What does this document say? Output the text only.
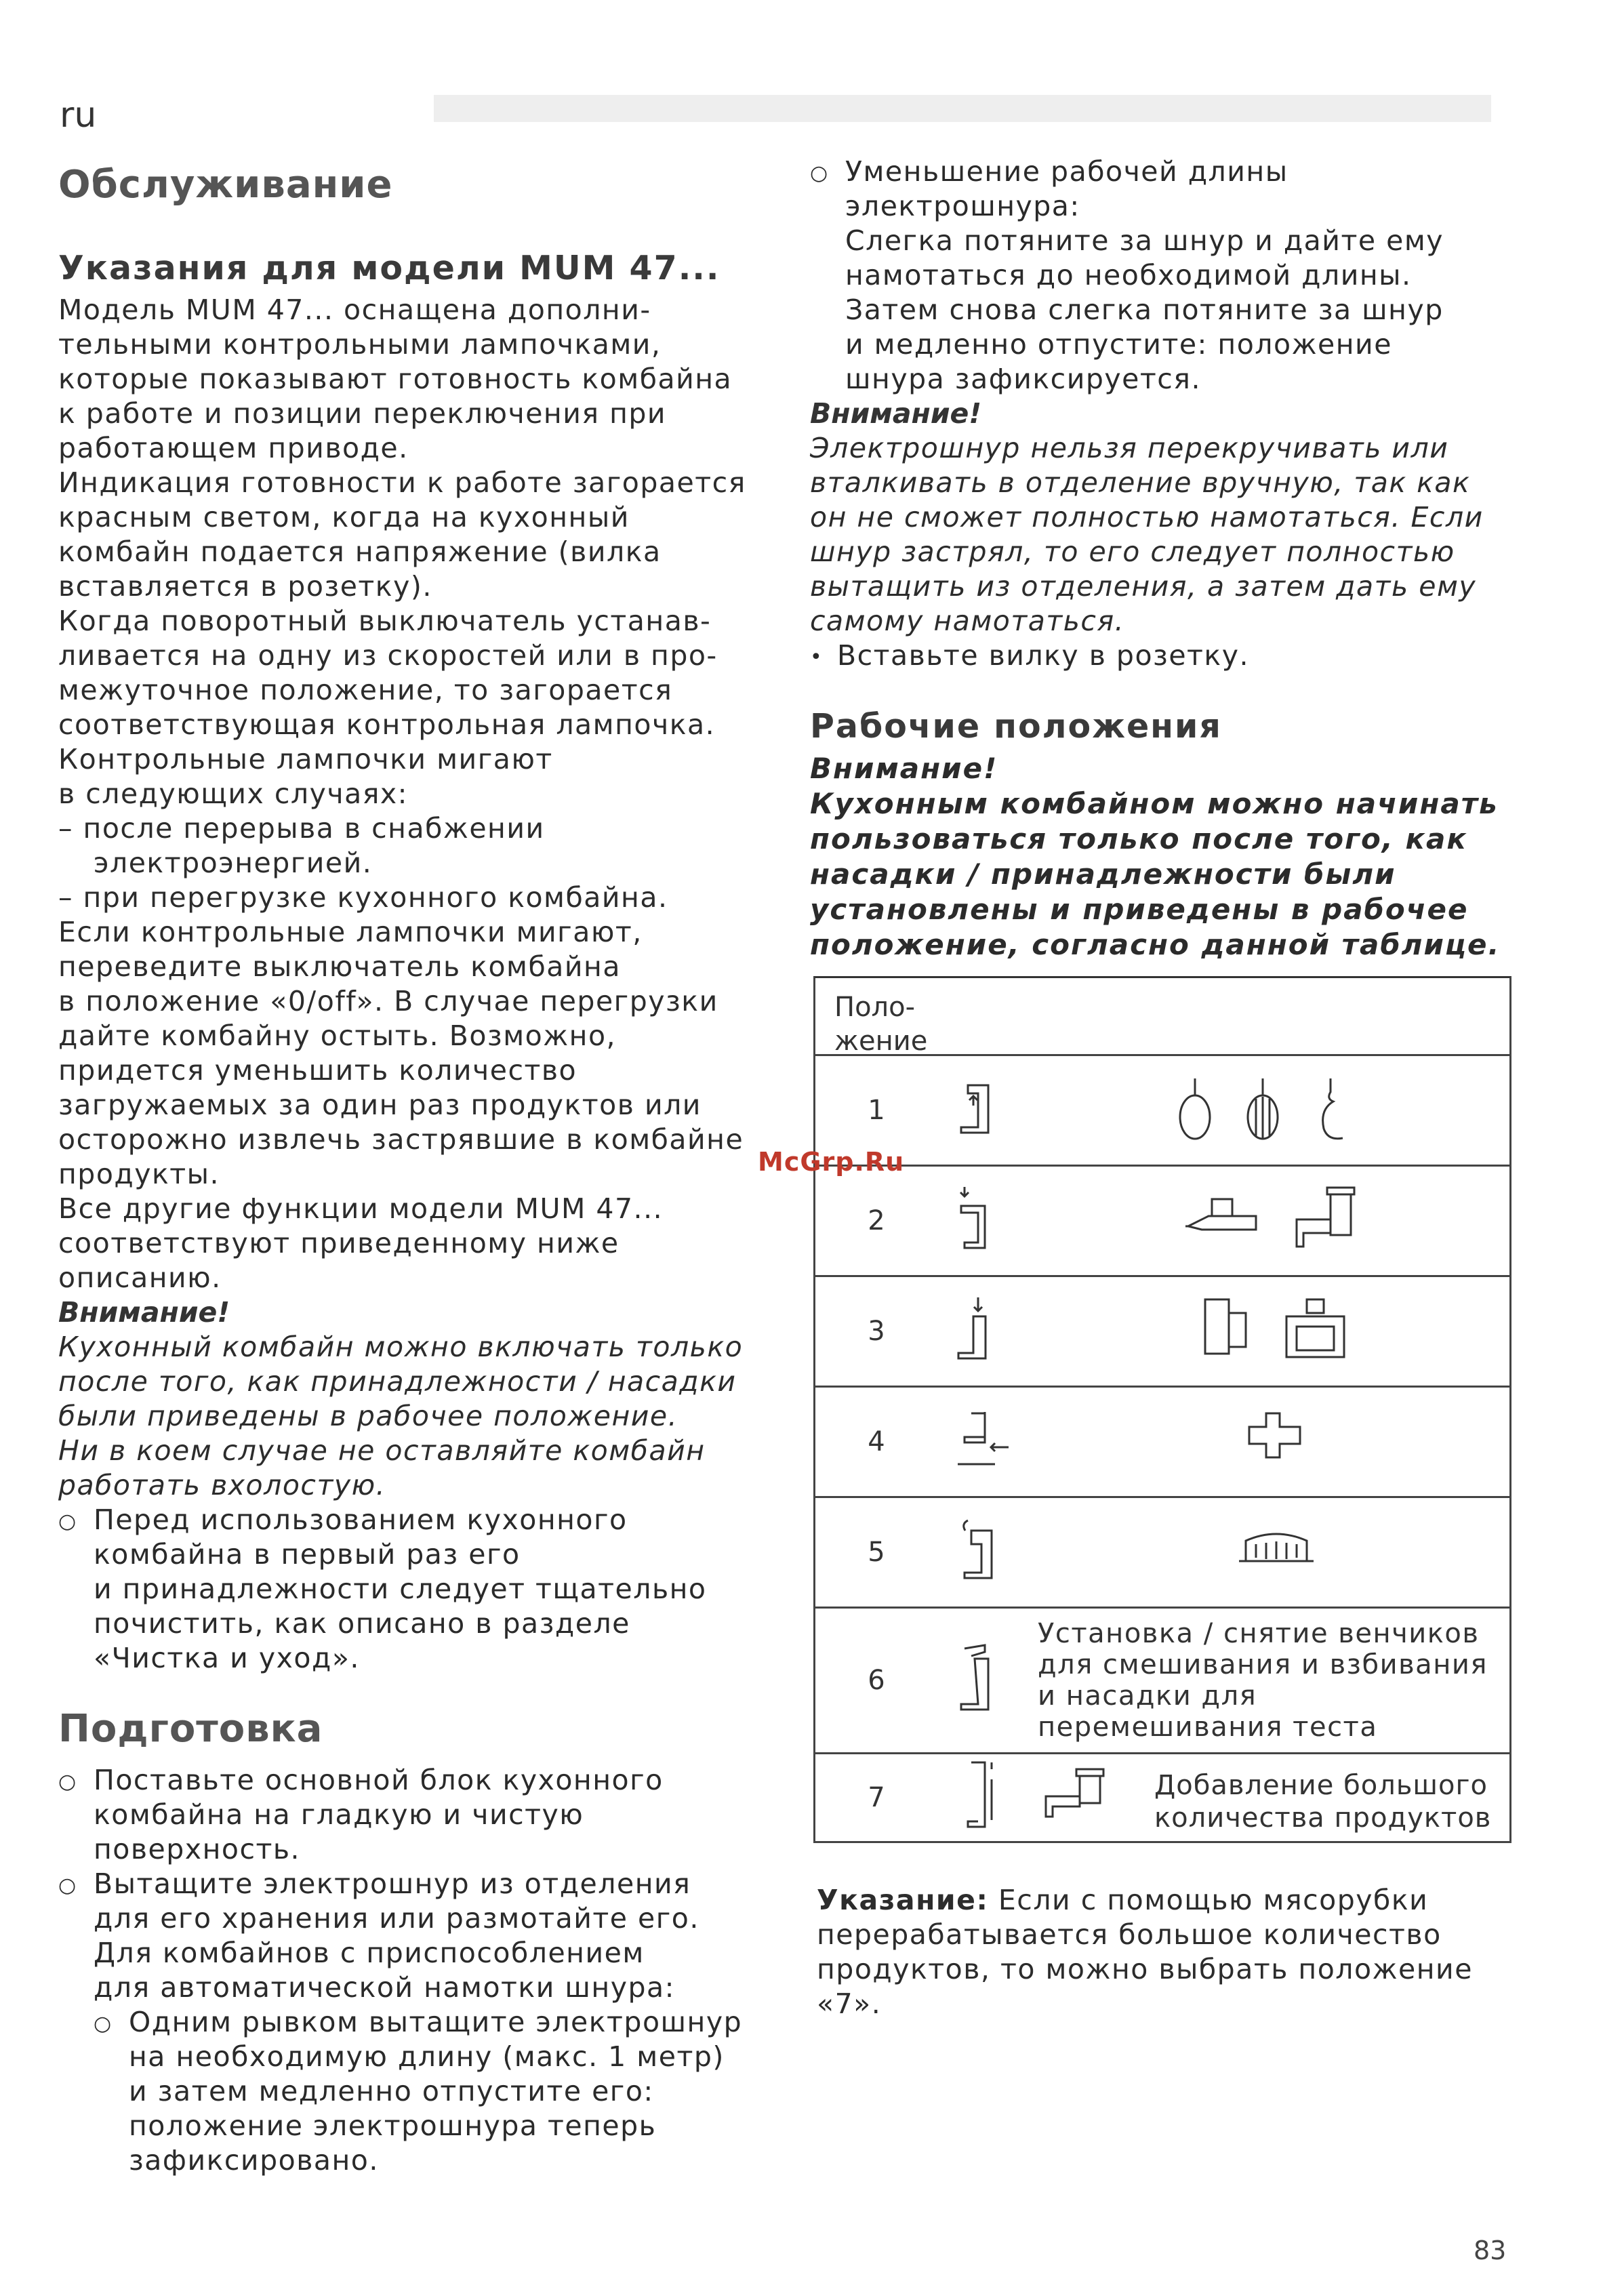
ru
Обслуживание
Указания для модели MUM 47...
Модель MUM 47... оснащена дополни-
тельными контрольными лампочками,
которые показывают готовность комбайна
к работе и позиции переключения при
работающем приводе.
Индикация готовности к работе загорается
красным светом, когда на кухонный
комбайн подается напряжение (вилка
вставляется в розетку).
Когда поворотный выключатель устанав-
ливается на одну из скоростей или в про-
межуточное положение, то загорается
соответствующая контрольная лампочка.
Контрольные лампочки мигают
в следующих случаях:
– после перерыва в снабжении
электроэнергией.
– при перегрузке кухонного комбайна.
Если контрольные лампочки мигают,
переведите выключатель комбайна
в положение «0/off». В случае перегрузки
дайте комбайну остыть. Возможно,
придется уменьшить количество
загружаемых за один раз продуктов или
осторожно извлечь застрявшие в комбайне
продукты.
Все другие функции модели MUM 47...
соответствуют приведенному ниже
описанию.
Внимание!
Кухонный комбайн можно включать только
после того, как принадлежности / насадки
были приведены в рабочее положение.
Ни в коем случае не оставляйте комбайн
работать вхолостую.
○ Перед использованием кухонного
комбайна в первый раз его
и принадлежности следует тщательно
почистить, как описано в разделе
«Чистка и уход».
Подготовка
○ Поставьте основной блок кухонного
комбайна на гладкую и чистую
поверхность.
○ Вытащите электрошнур из отделения
для его хранения или размотайте его.
Для комбайнов с приспособлением
для автоматической намотки шнура:
○ Одним рывком вытащите электрошнур
на необходимую длину (макс. 1 метр)
и затем медленно отпустите его:
положение электрошнура теперь
зафиксировано.
○ Уменьшение рабочей длины
электрошнура:
Слегка потяните за шнур и дайте ему
намотаться до необходимой длины.
Затем снова слегка потяните за шнур
и медленно отпустите: положение
шнура зафиксируется.
Внимание!
Электрошнур нельзя перекручивать или
вталкивать в отделение вручную, так как
он не сможет полностью намотаться. Если
шнур застрял, то его следует полностью
вытащить из отделения, а затем дать ему
самому намотаться.
• Вставьте вилку в розетку.
Рабочие положения
Внимание!
Кухонным комбайном можно начинать
пользоваться только после того, как
насадки / принадлежности были
установлены и приведены в рабочее
положение, согласно данной таблице.
Поло-
жение
1
2
3
4
5
6
Установка / снятие венчиков
для смешивания и взбивания
и насадки для
перемешивания теста
7	Добавление большого
количества продуктов
Указание: Если с помощью мясорубки
перерабатывается большое количество
продуктов, то можно выбрать положение
«7».
McGrp.Ru
83
